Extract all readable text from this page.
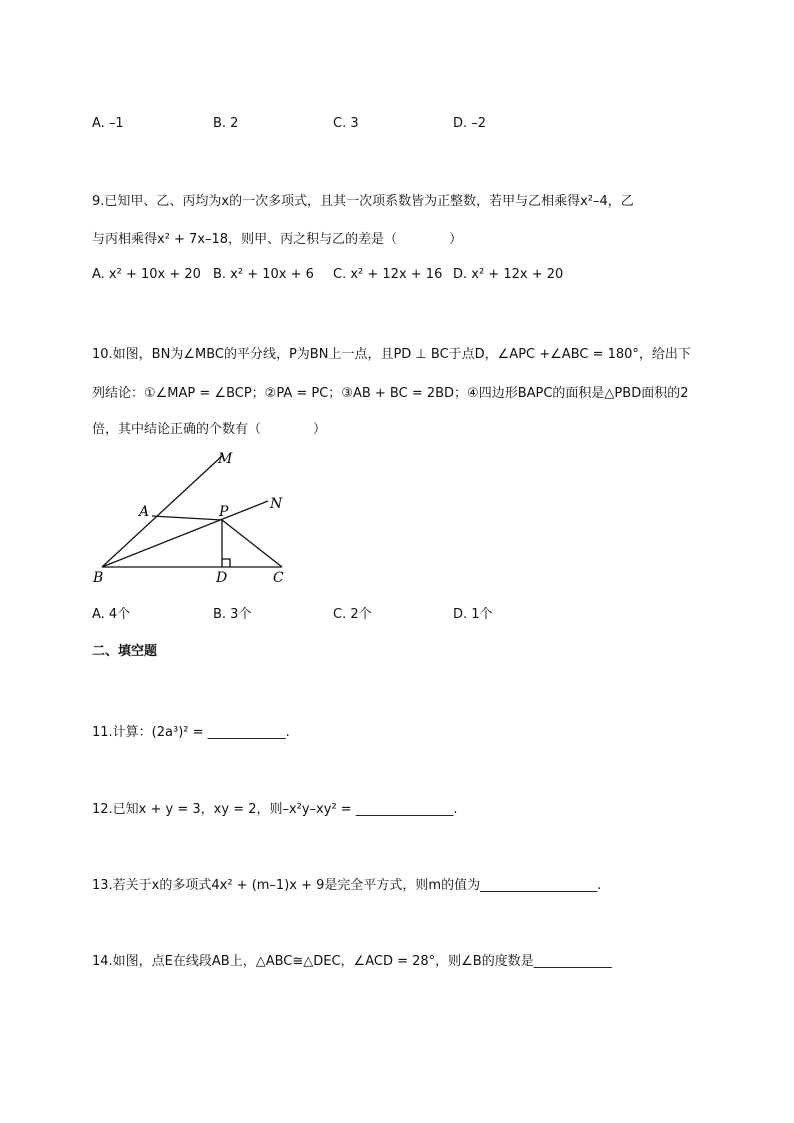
A. –1	B. 2	C. 3	D. –2
9.已知甲、乙、丙均为x的一次多项式，且其一次项系数皆为正整数，若甲与乙相乘得x²–4，乙
与丙相乘得x² + 7x–18，则甲、丙之积与乙的差是（　　　　）
A. x² + 10x + 20 B. x² + 10x + 6 C. x² + 12x + 16 D. x² + 12x + 20
10.如图，BN为∠MBC的平分线，P为BN上一点，且PD ⊥ BC于点D，∠APC +∠ABC = 180°，给出下
列结论：①∠MAP = ∠BCP；②PA = PC；③AB + BC = 2BD；④四边形BAPC的面积是△PBD面积的2
倍，其中结论正确的个数有（　　　　）
M
N
A	P
B	D	C
A. 4个	B. 3个	C. 2个	D. 1个
二、填空题
11.计算：(2a³)² = ____________.
12.已知x + y = 3，xy = 2，则–x²y–xy² = _______________.
13.若关于x的多项式4x² + (m–1)x + 9是完全平方式，则m的值为__________________.
14.如图，点E在线段AB上，△ABC≅△DEC，∠ACD = 28°，则∠B的度数是____________
